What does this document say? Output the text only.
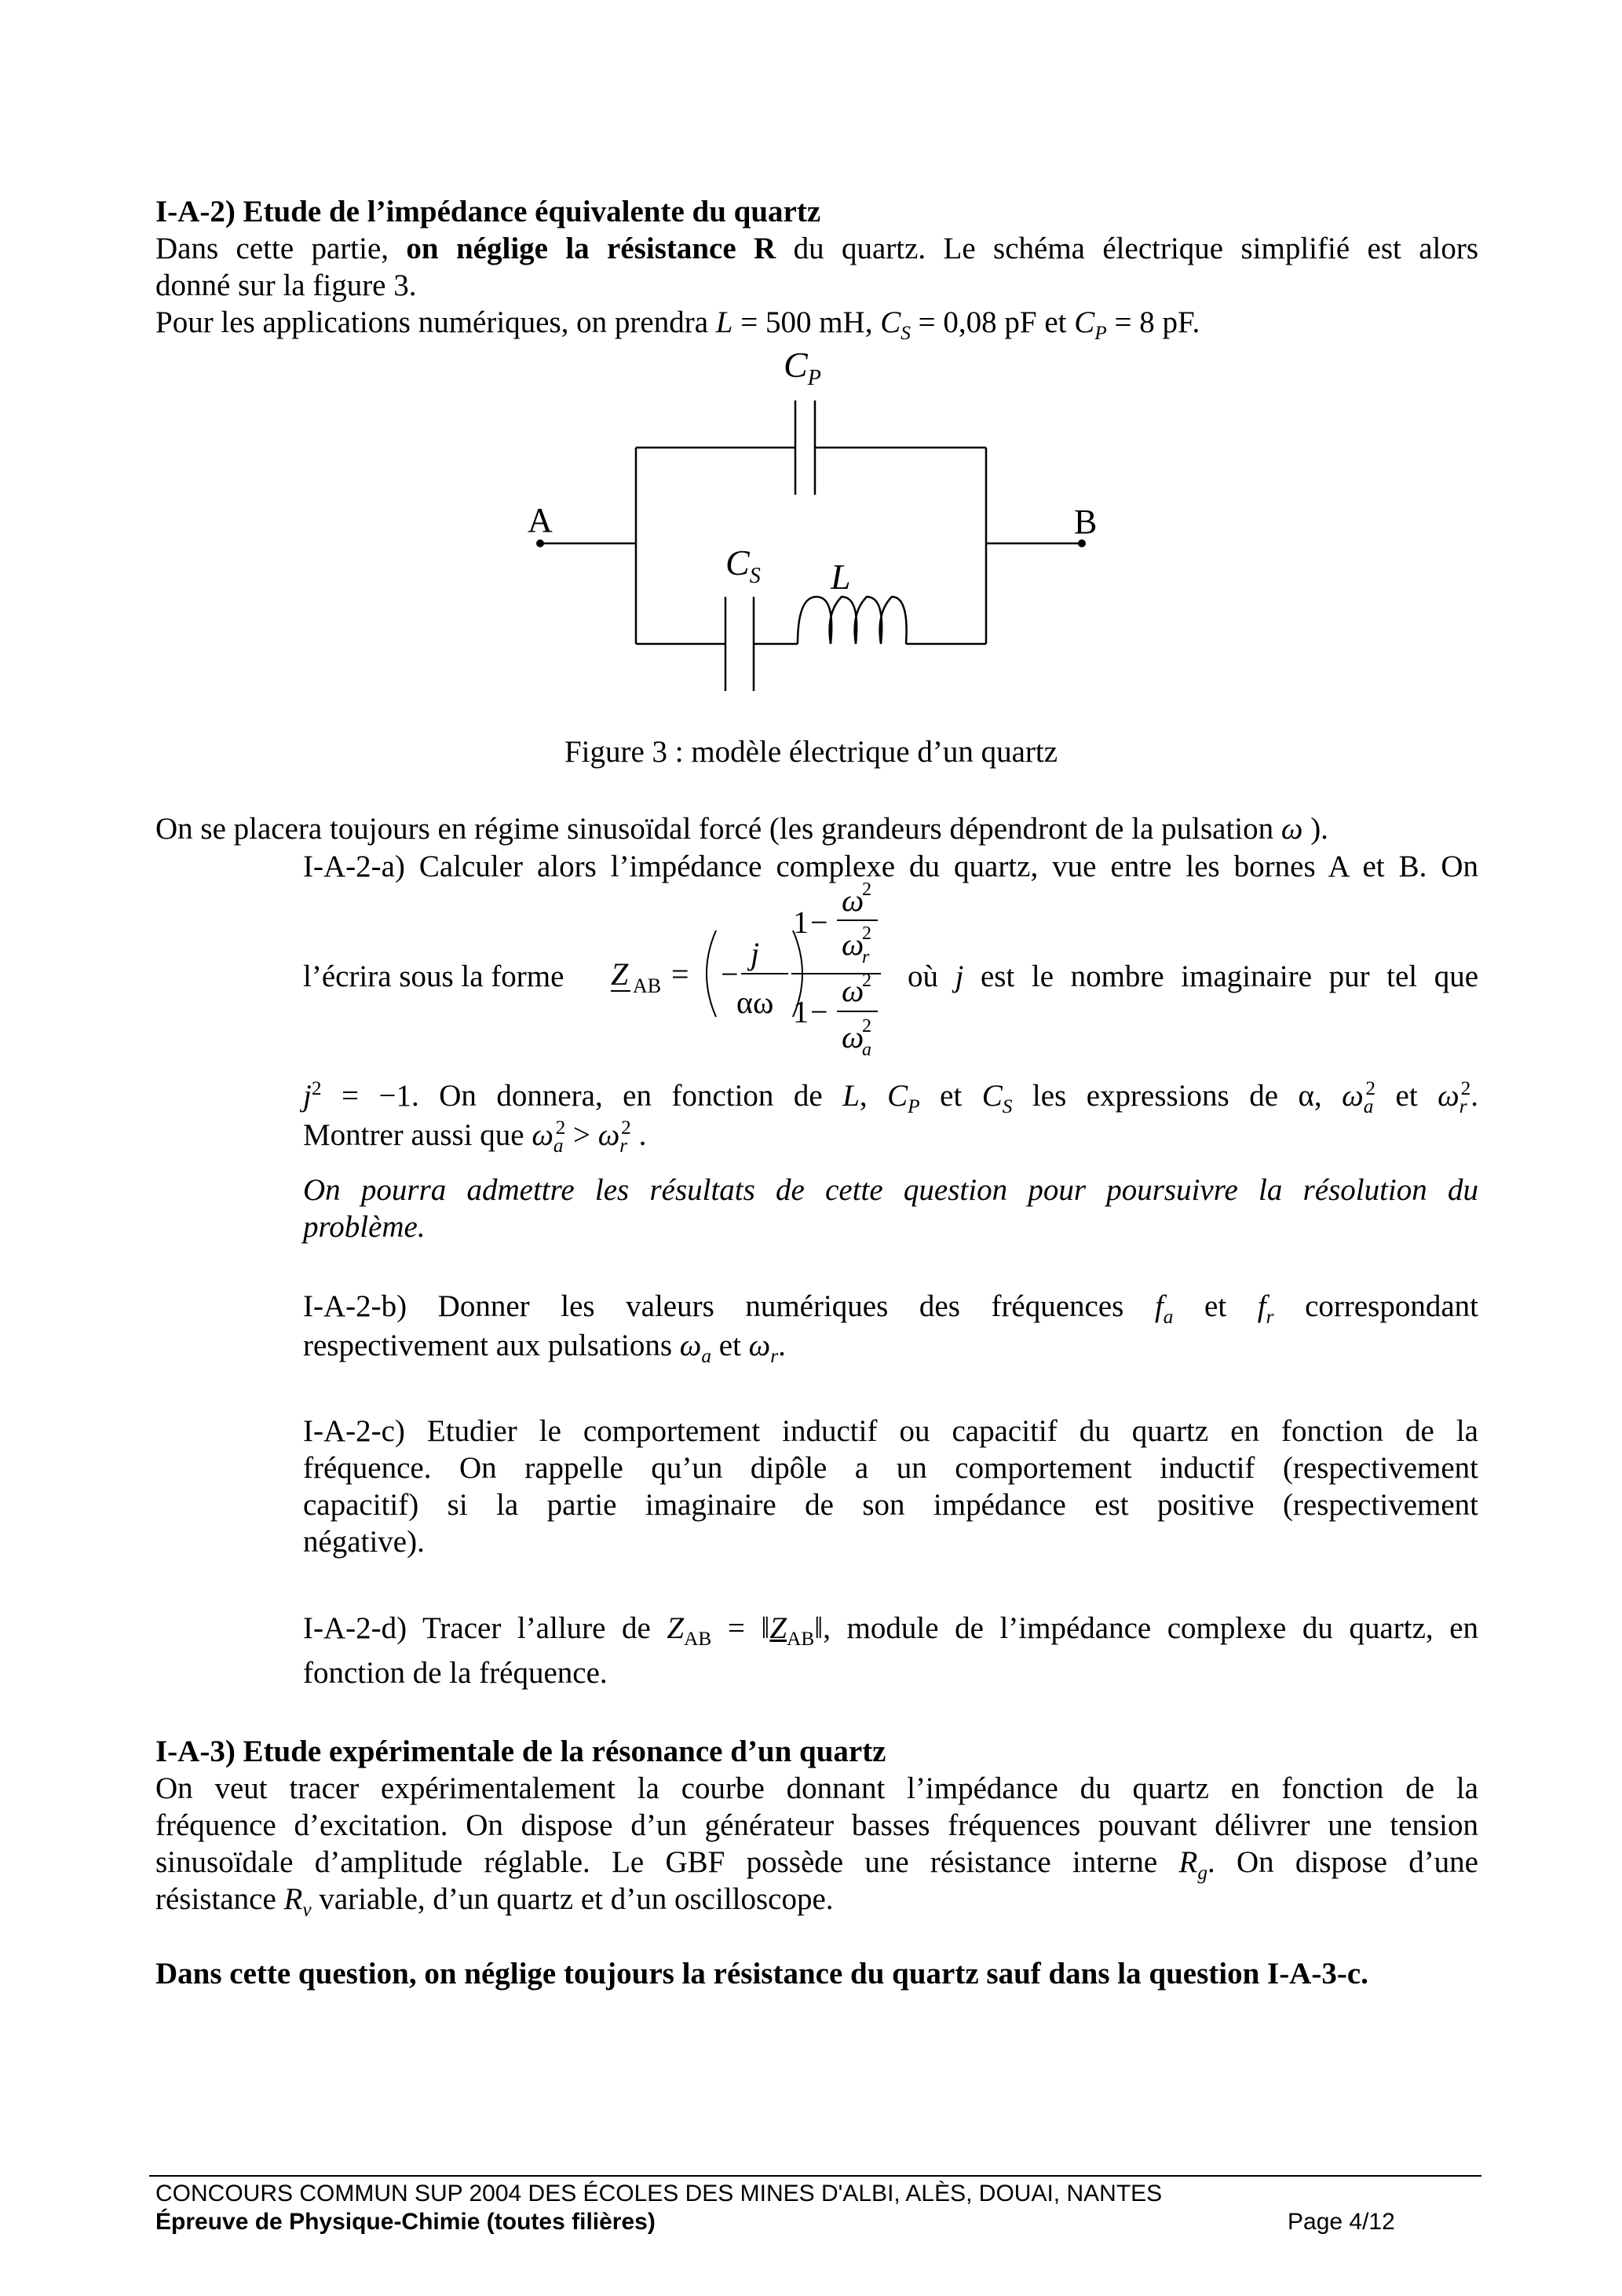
I-A-2) Etude de l’impédance équivalente du quartz
Dans cette partie, on néglige la résistance R du quartz. Le schéma électrique simplifié est alors
donné sur la figure 3.
Pour les applications numériques, on prendra L = 500 mH, $C_S = 0,08$ pF et $C_P = 8$ pF.
$C_P$
A	B
$C_S$ L
Figure 3 : modèle électrique d’un quartz
On se placera toujours en régime sinusoïdal forcé (les grandeurs dépendront de la pulsation ω ).
I-A-2-a) Calculer alors l’impédance complexe du quartz, vue entre les bornes A et B. On
l’écrira sous la forme Z AB = −
j
αω
1 −
ω
2
ω
2
r
ω
2
1 −
ω
2
a
où j est le nombre imaginaire pur tel que
$j^2 = -1$. On donnera, en fonction de L, $C_P$ et $C_S$ les expressions de α, $\omega_a^2$ et $\omega_r^2$.
Montrer aussi que $\omega_a^2 > \omega_r^2$ .
On pourra admettre les résultats de cette question pour poursuivre la résolution du
problème.
I-A-2-b) Donner les valeurs numériques des fréquences $f_a$ et $f_r$ correspondant
respectivement aux pulsations $\omega_a$ et $\omega_r$.
I-A-2-c) Etudier le comportement inductif ou capacitif du quartz en fonction de la
fréquence. On rappelle qu’un dipôle a un comportement inductif (respectivement
capacitif) si la partie imaginaire de son impédance est positive (respectivement
négative).
I-A-2-d) Tracer l’allure de $Z_{AB}$ = $‖Z_{AB}‖$, module de l’impédance complexe du quartz, en
fonction de la fréquence.
I-A-3) Etude expérimentale de la résonance d’un quartz
On veut tracer expérimentalement la courbe donnant l’impédance du quartz en fonction de la
fréquence d’excitation. On dispose d’un générateur basses fréquences pouvant délivrer une tension
sinusoïdale d’amplitude réglable. Le GBF possède une résistance interne $R_g$. On dispose d’une
résistance $R_v$ variable, d’un quartz et d’un oscilloscope.
Dans cette question, on néglige toujours la résistance du quartz sauf dans la question I-A-3-c.
CONCOURS COMMUN SUP 2004 DES ÉCOLES DES MINES D'ALBI, ALÈS, DOUAI, NANTES
Épreuve de Physique-Chimie (toutes filières)	Page 4/12
